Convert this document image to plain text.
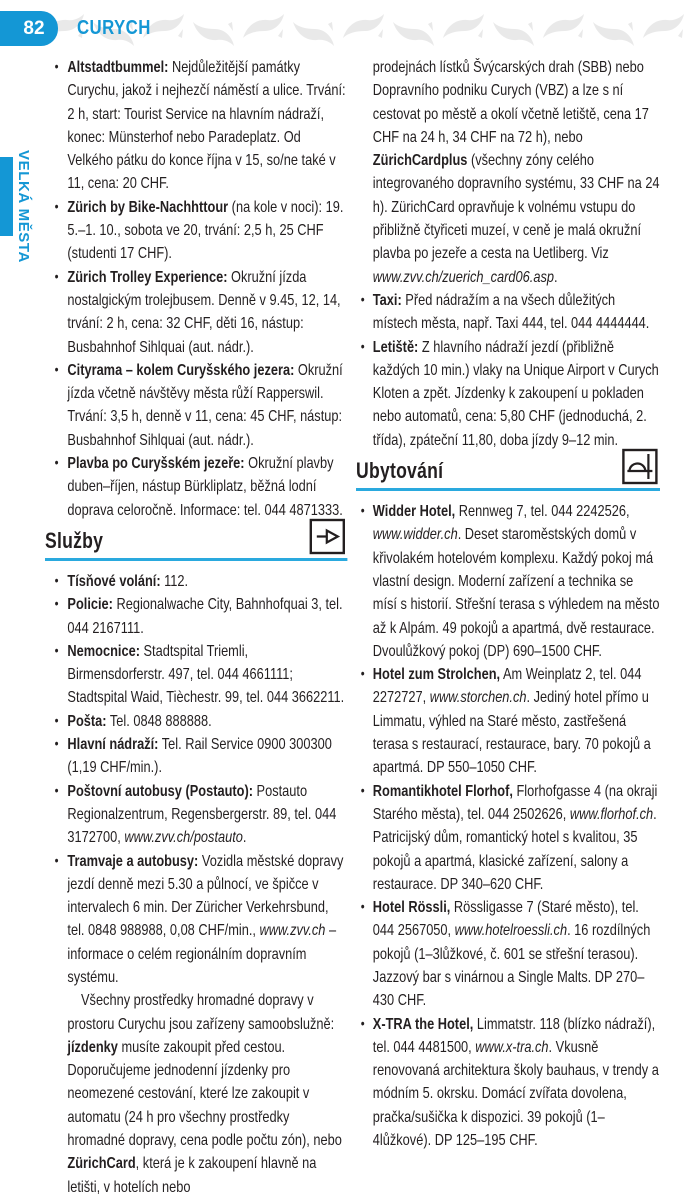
82 CURYCH
VELKÁ MĚSTA
• Altstadtbummel: Nejdůležitější památky Curychu, jakož i nejhezčí náměstí a ulice. Trvání: 2 h, start: Tourist Service na hlavním nádraží, konec: Münsterhof nebo Paradeplatz. Od Velkého pátku do konce října v 15, so/ne také v 11, cena: 20 CHF.
• Zürich by Bike-Nachhttour (na kole v noci): 19. 5.–1. 10., sobota ve 20, trvání: 2,5 h, 25 CHF (studenti 17 CHF).
• Zürich Trolley Experience: Okružní jízda nostalgickým trolejbusem. Denně v 9.45, 12, 14, trvání: 2 h, cena: 32 CHF, děti 16, nástup: Busbahnhof Sihlquai (aut. nádr.).
• Cityrama – kolem Curyšského jezera: Okružní jízda včetně návštěvy města růží Rapperswil. Trvání: 3,5 h, denně v 11, cena: 45 CHF, nástup: Busbahnhof Sihlquai (aut. nádr.).
• Plavba po Curyšském jezeře: Okružní plavby duben–říjen, nástup Bürkliplatz, běžná lodní doprava celoročně. Informace: tel. 044 4871333.
Služby
• Tísňové volání: 112.
• Policie: Regionalwache City, Bahnhofquai 3, tel. 044 2167111.
• Nemocnice: Stadtspital Triemli, Birmensdorferstr. 497, tel. 044 4661111; Stadtspital Waid, Tièchestr. 99, tel. 044 3662211.
• Pošta: Tel. 0848 888888.
• Hlavní nádraží: Tel. Rail Service 0900 300300 (1,19 CHF/min.).
• Poštovní autobusy (Postauto): Postauto Regionalzentrum, Regensbergerstr. 89, tel. 044 3172700, www.zvv.ch/postauto.
• Tramvaje a autobusy: Vozidla městské dopravy jezdí denně mezi 5.30 a půlnocí, ve špičce v intervalech 6 min. Der Züricher Verkehrsbund, tel. 0848 988988, 0,08 CHF/min., www.zvv.ch – informace o celém regionálním dopravním systému.
Všechny prostředky hromadné dopravy v prostoru Curychu jsou zařízeny samoobslužně: jízdenky musíte zakoupit před cestou. Doporučujeme jednodenní jízdenky pro neomezené cestování, které lze zakoupit v automatu (24 h pro všechny prostředky hromadné dopravy, cena podle počtu zón), nebo ZürichCard, která je k zakoupení hlavně na letišti, v hotelích nebo
prodejnách lístků Švýcarských drah (SBB) nebo Dopravního podniku Curych (VBZ) a lze s ní cestovat po městě a okolí včetně letiště, cena 17 CHF na 24 h, 34 CHF na 72 h), nebo ZürichCardplus (všechny zóny celého integrovaného dopravního systému, 33 CHF na 24 h). ZürichCard opravňuje k volnému vstupu do přibližně čtyřiceti muzeí, v ceně je malá okružní plavba po jezeře a cesta na Uetliberg. Viz www.zvv.ch/zuerich_card06.asp.
• Taxi: Před nádražím a na všech důležitých místech města, např. Taxi 444, tel. 044 4444444.
• Letiště: Z hlavního nádraží jezdí (přibližně každých 10 min.) vlaky na Unique Airport v Curych Kloten a zpět. Jízdenky k zakoupení u pokladen nebo automatů, cena: 5,80 CHF (jednoduchá, 2. třída), zpáteční 11,80, doba jízdy 9–12 min.
Ubytování
• Widder Hotel, Rennweg 7, tel. 044 2242526, www.widder.ch. Deset staroměstských domů v křivolakém hotelovém komplexu. Každý pokoj má vlastní design. Moderní zařízení a technika se mísí s historií. Střešní terasa s výhledem na město až k Alpám. 49 pokojů a apartmá, dvě restaurace. Dvoulůžkový pokoj (DP) 690–1500 CHF.
• Hotel zum Strolchen, Am Weinplatz 2, tel. 044 2272727, www.storchen.ch. Jediný hotel přímo u Limmatu, výhled na Staré město, zastřešená terasa s restaurací, restaurace, bary. 70 pokojů a apartmá. DP 550–1050 CHF.
• Romantikhotel Florhof, Florhofgasse 4 (na okraji Starého města), tel. 044 2502626, www.florhof.ch. Patricijský dům, romantický hotel s kvalitou, 35 pokojů a apartmá, klasické zařízení, salony a restaurace. DP 340–620 CHF.
• Hotel Rössli, Rössligasse 7 (Staré město), tel. 044 2567050, www.hotelroessli.ch. 16 rozdílných pokojů (1–3lůžkové, č. 601 se střešní terasou). Jazzový bar s vinárnou a Single Malts. DP 270–430 CHF.
• X-TRA the Hotel, Limmatstr. 118 (blízko nádraží), tel. 044 4481500, www.x-tra.ch. Vkusně renovovaná architektura školy bauhaus, v trendy a módním 5. okrsku. Domácí zvířata dovolena, pračka/sušička k dispozici. 39 pokojů (1–4lůžkové). DP 125–195 CHF.
